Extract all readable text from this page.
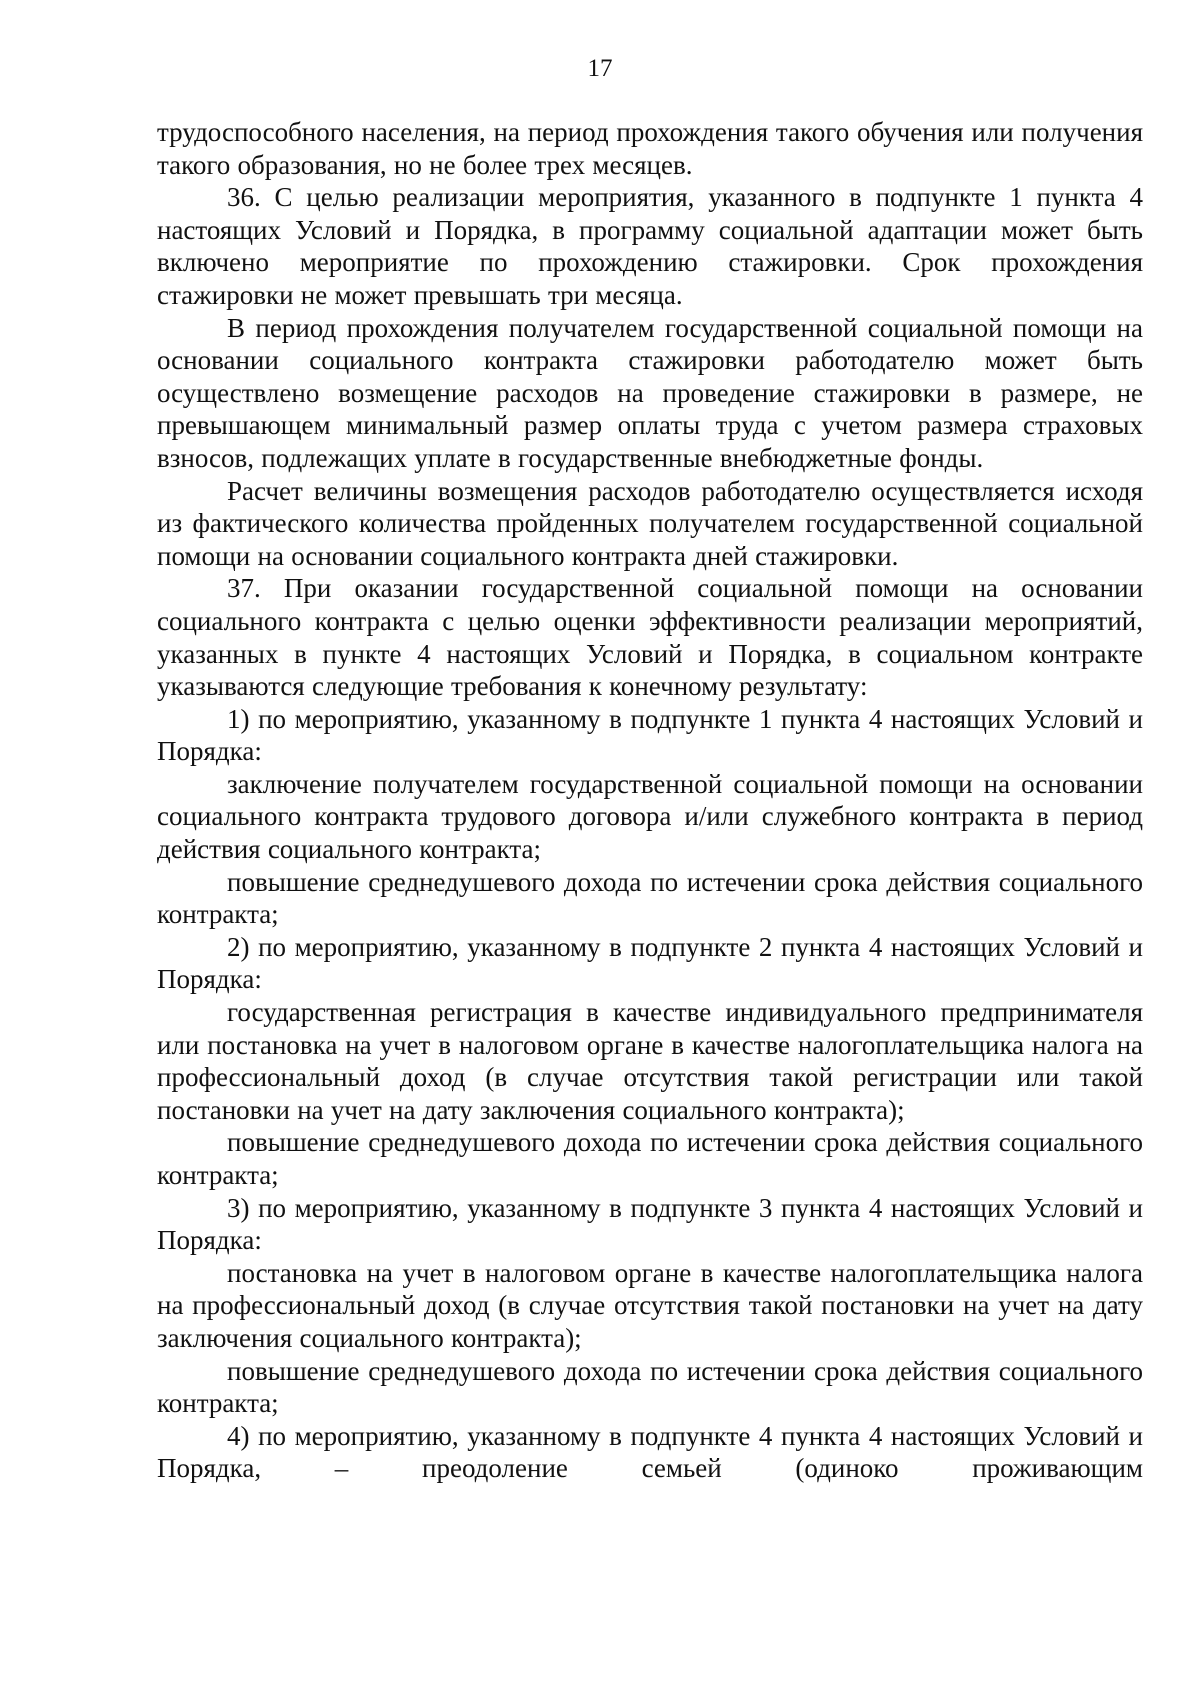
17

трудоспособного населения, на период прохождения такого обучения или получения такого образования, но не более трех месяцев.

36. С целью реализации мероприятия, указанного в подпункте 1 пункта 4 настоящих Условий и Порядка, в программу социальной адаптации может быть включено мероприятие по прохождению стажировки. Срок прохождения стажировки не может превышать три месяца.

В период прохождения получателем государственной социальной помощи на основании социального контракта стажировки работодателю может быть осуществлено возмещение расходов на проведение стажировки в размере, не превышающем минимальный размер оплаты труда с учетом размера страховых взносов, подлежащих уплате в государственные внебюджетные фонды.

Расчет величины возмещения расходов работодателю осуществляется исходя из фактического количества пройденных получателем государственной социальной помощи на основании социального контракта дней стажировки.

37. При оказании государственной социальной помощи на основании социального контракта с целью оценки эффективности реализации мероприятий, указанных в пункте 4 настоящих Условий и Порядка, в социальном контракте указываются следующие требования к конечному результату:

1) по мероприятию, указанному в подпункте 1 пункта 4 настоящих Условий и Порядка:

заключение получателем государственной социальной помощи на основании социального контракта трудового договора и/или служебного контракта в период действия социального контракта;

повышение среднедушевого дохода по истечении срока действия социального контракта;

2) по мероприятию, указанному в подпункте 2 пункта 4 настоящих Условий и Порядка:

государственная регистрация в качестве индивидуального предпринимателя или постановка на учет в налоговом органе в качестве налогоплательщика налога на профессиональный доход (в случае отсутствия такой регистрации или такой постановки на учет на дату заключения социального контракта);

повышение среднедушевого дохода по истечении срока действия социального контракта;

3) по мероприятию, указанному в подпункте 3 пункта 4 настоящих Условий и Порядка:

постановка на учет в налоговом органе в качестве налогоплательщика налога на профессиональный доход (в случае отсутствия такой постановки на учет на дату заключения социального контракта);

повышение среднедушевого дохода по истечении срока действия социального контракта;

4) по мероприятию, указанному в подпункте 4 пункта 4 настоящих Условий и Порядка, – преодоление семьей (одиноко проживающим
